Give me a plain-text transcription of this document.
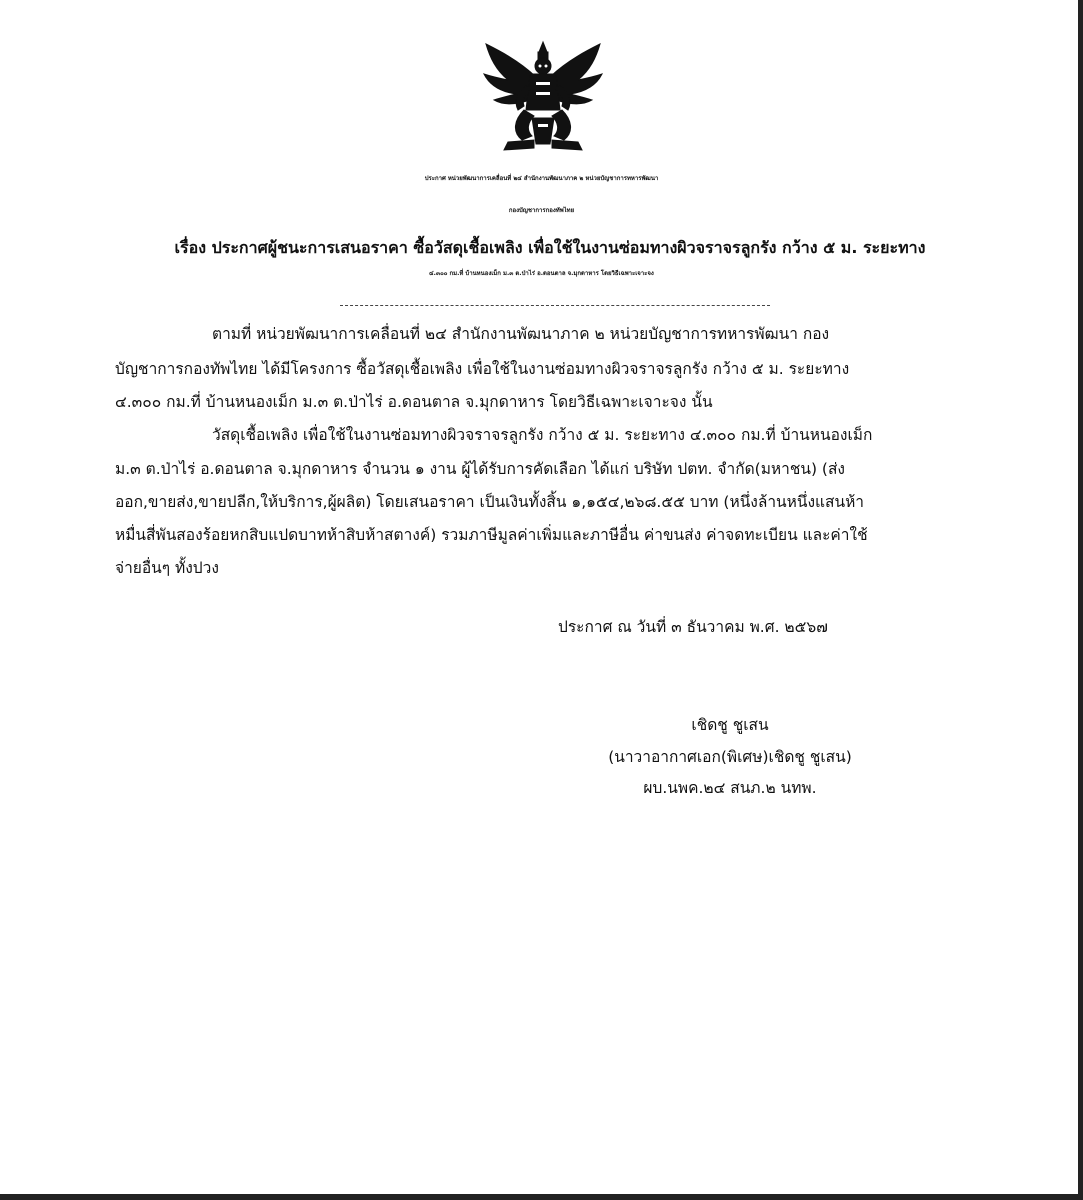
ประกาศ หน่วยพัฒนาการเคลื่อนที่ ๒๔ สำนักงานพัฒนาภาค ๒ หน่วยบัญชาการทหารพัฒนา
กองบัญชาการกองทัพไทย
เรื่อง ประกาศผู้ชนะการเสนอราคา ซื้อวัสดุเชื้อเพลิง เพื่อใช้ในงานซ่อมทางผิวจราจรลูกรัง กว้าง ๕ ม. ระยะทาง
๔.๓๐๐ กม.ที่ บ้านหนองเม็ก ม.๓ ต.ป่าไร่ อ.ดอนตาล จ.มุกดาหาร โดยวิธีเฉพาะเจาะจง
ตามที่ หน่วยพัฒนาการเคลื่อนที่ ๒๔ สำนักงานพัฒนาภาค ๒ หน่วยบัญชาการทหารพัฒนา กอง
บัญชาการกองทัพไทย ได้มีโครงการ ซื้อวัสดุเชื้อเพลิง เพื่อใช้ในงานซ่อมทางผิวจราจรลูกรัง กว้าง ๕ ม. ระยะทาง
๔.๓๐๐ กม.ที่ บ้านหนองเม็ก ม.๓ ต.ป่าไร่ อ.ดอนตาล จ.มุกดาหาร โดยวิธีเฉพาะเจาะจง นั้น
วัสดุเชื้อเพลิง เพื่อใช้ในงานซ่อมทางผิวจราจรลูกรัง กว้าง ๕ ม. ระยะทาง ๔.๓๐๐ กม.ที่ บ้านหนองเม็ก
ม.๓ ต.ป่าไร่ อ.ดอนตาล จ.มุกดาหาร จำนวน ๑ งาน ผู้ได้รับการคัดเลือก ได้แก่ บริษัท ปตท. จำกัด(มหาชน) (ส่ง
ออก,ขายส่ง,ขายปลีก,ให้บริการ,ผู้ผลิต) โดยเสนอราคา เป็นเงินทั้งสิ้น ๑,๑๕๔,๒๖๘.๕๕ บาท (หนึ่งล้านหนึ่งแสนห้า
หมื่นสี่พันสองร้อยหกสิบแปดบาทห้าสิบห้าสตางค์) รวมภาษีมูลค่าเพิ่มและภาษีอื่น ค่าขนส่ง ค่าจดทะเบียน และค่าใช้
จ่ายอื่นๆ ทั้งปวง
ประกาศ ณ วันที่ ๓ ธันวาคม พ.ศ. ๒๕๖๗
เชิดชู ชูเสน
(นาวาอากาศเอก(พิเศษ)เชิดชู ชูเสน)
ผบ.นพค.๒๔ สนภ.๒ นทพ.
